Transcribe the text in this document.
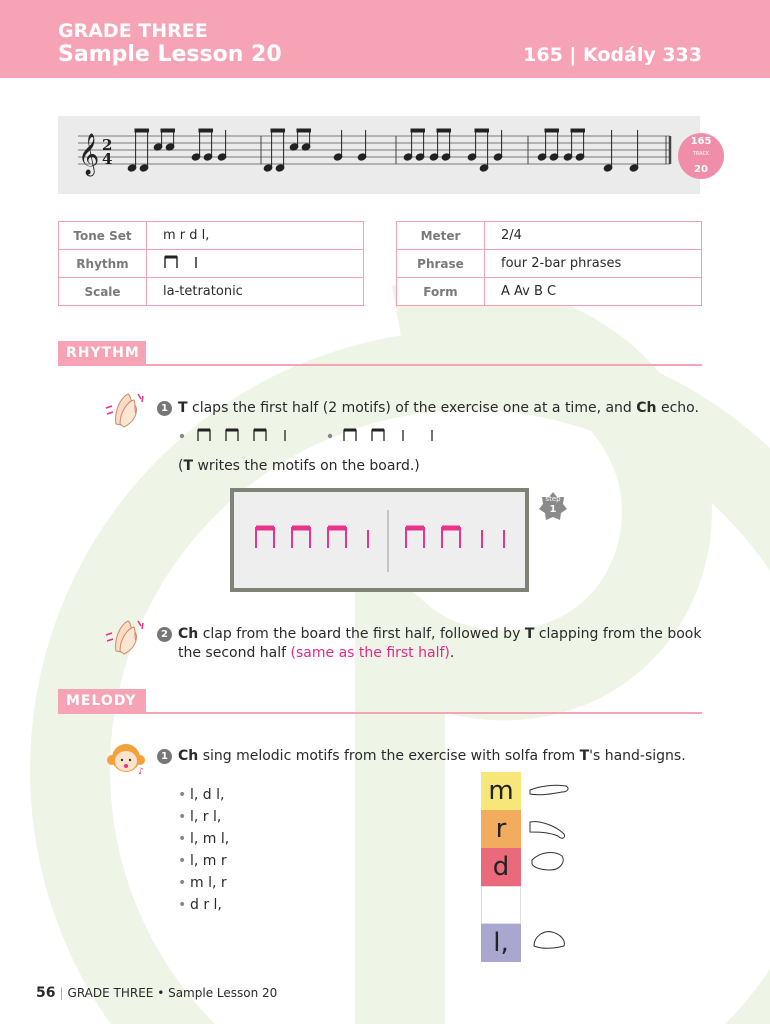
GRADE THREE
Sample Lesson 20	165 | Kodály 333
𝄞 2
4
165
TRACK
20
Tone Set	m r d l,
Rhythm	
Scale	la-tetratonic
Meter	2/4
Phrase	four 2-bar phrases
Form	A Av B C
RHYTHM
1 T claps the first half (2 motifs) of the exercise one at a time, and Ch echo.
(T writes the motifs on the board.)
step
1
2 Ch clap from the board the first half, followed by T clapping from the book
the second half (same as the first half).
MELODY
♪
1 Ch sing melodic motifs from the exercise with solfa from T's hand-signs.
• l, d l,
• l, r l,
• l, m l,
• l, m r
• m l, r
• d r l,
m
r
d
l,
56 | GRADE THREE • Sample Lesson 20
